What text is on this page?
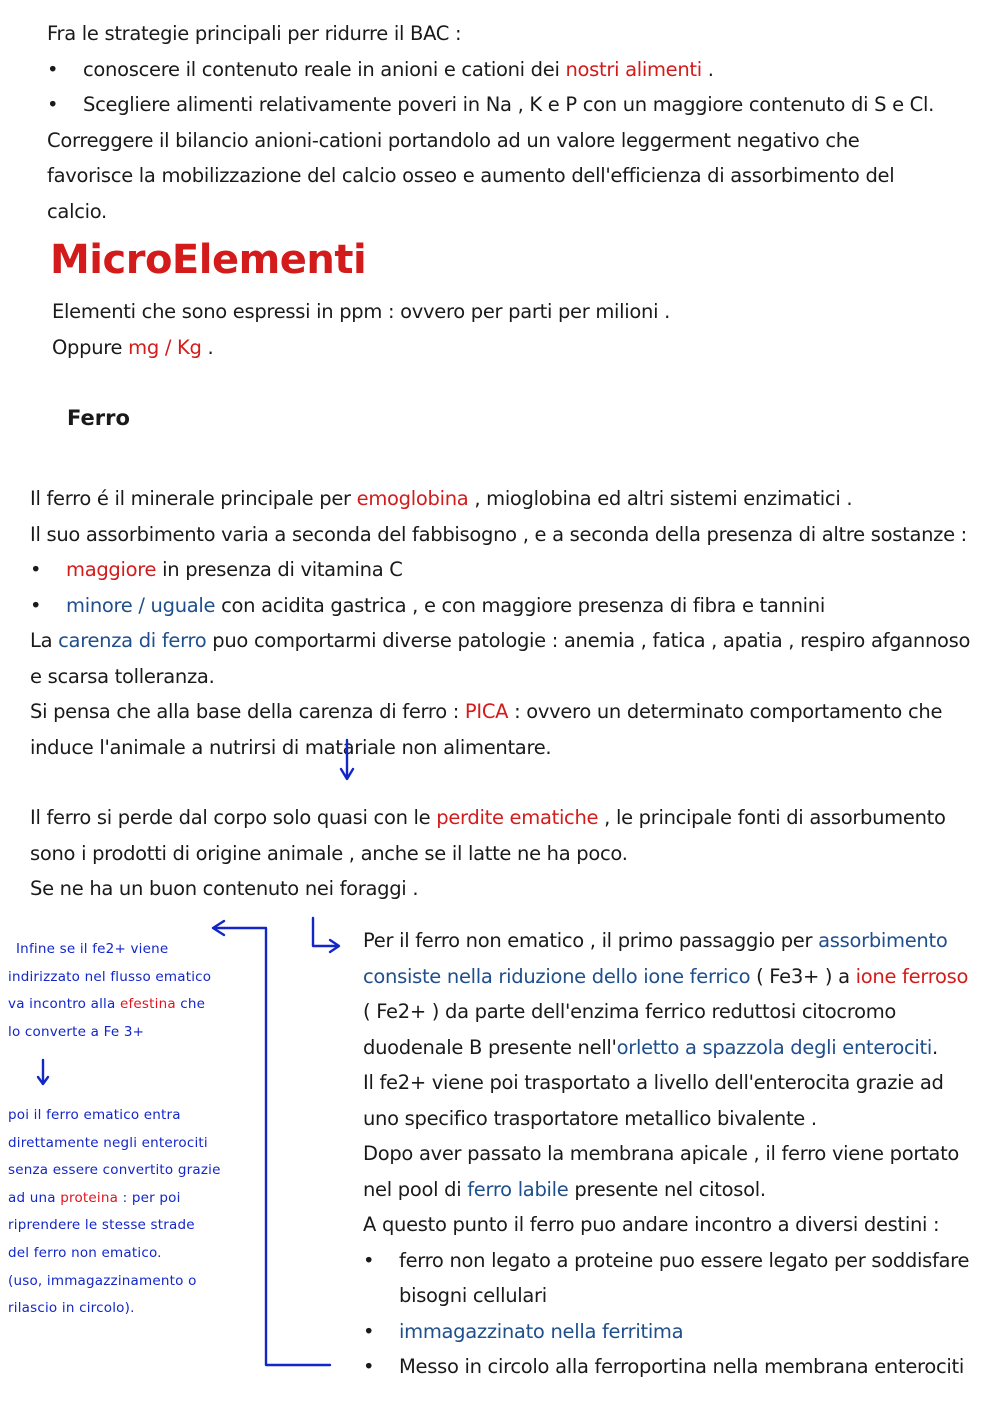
Fra le strategie principali per ridurre il BAC :

• conoscere il contenuto reale in anioni e cationi dei nostri alimenti .

• Scegliere alimenti relativamente poveri in Na , K e P con un maggiore contenuto di S e Cl.

Correggere il bilancio anioni-cationi portandolo ad un valore leggerment negativo che favorisce la mobilizzazione del calcio osseo e aumento dell'efficienza di assorbimento del calcio.

MicroElementi

Elementi che sono espressi in ppm : ovvero per parti per milioni .

Oppure mg / Kg .

Ferro

Il ferro é il minerale principale per emoglobina , mioglobina ed altri sistemi enzimatici .

Il suo assorbimento varia a seconda del fabbisogno , e a seconda della presenza di altre sostanze :

• maggiore in presenza di vitamina C

• minore / uguale con acidita gastrica , e con maggiore presenza di fibra e tannini

La carenza di ferro puo comportarmi diverse patologie : anemia , fatica , apatia , respiro afgannoso e scarsa tolleranza.

Si pensa che alla base della carenza di ferro : PICA : ovvero un determinato comportamento che induce l'animale a nutrirsi di matariale non alimentare.

Il ferro si perde dal corpo solo quasi con le perdite ematiche , le principale fonti di assorbumento sono i prodotti di origine animale , anche se il latte ne ha poco.

Se ne ha un buon contenuto nei foraggi .

Per il ferro non ematico , il primo passaggio per assorbimento consiste nella riduzione dello ione ferrico ( Fe3+ ) a ione ferroso ( Fe2+ ) da parte dell'enzima ferrico reduttosi citocromo duodenale B presente nell'orletto a spazzola degli enterociti.

Il fe2+ viene poi trasportato a livello dell'enterocita grazie ad uno specifico trasportatore metallico bivalente .

Dopo aver passato la membrana apicale , il ferro viene portato nel pool di ferro labile presente nel citosol.

A questo punto il ferro puo andare incontro a diversi destini :

• ferro non legato a proteine puo essere legato per soddisfare bisogni cellulari

• immagazzinato nella ferritima

• Messo in circolo alla ferroportina nella membrana enterociti

Infine se il fe2+ viene

indirizzato nel flusso ematico

va incontro alla efestina che

lo converte a Fe 3+

poi il ferro ematico entra

direttamente negli enterociti

senza essere convertito grazie

ad una proteina : per poi

riprendere le stesse strade

del ferro non ematico.

(uso, immagazzinamento o

rilascio in circolo).
